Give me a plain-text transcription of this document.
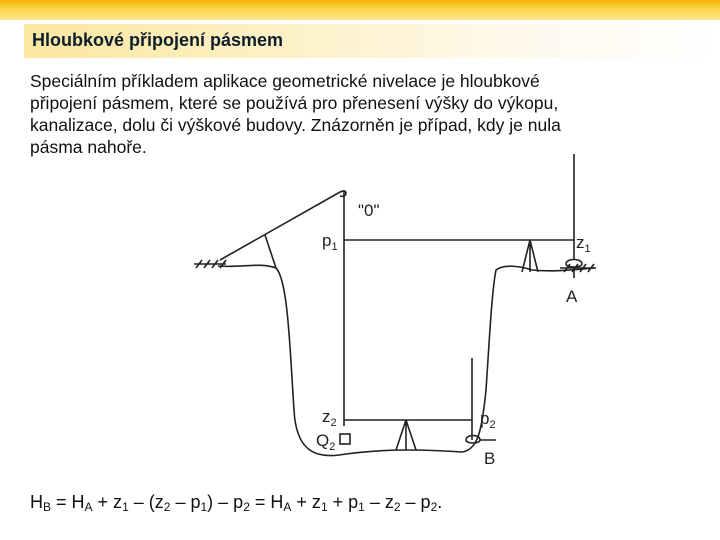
Hloubkové připojení pásmem
Speciálním příkladem aplikace geometrické nivelace je hloubkové
připojení pásmem, které se používá pro přenesení výšky do výkopu,
kanalizace, dolu či výškové budovy. Znázorněn je případ, kdy je nula
pásma nahoře.
"0"
$p_1$	$z_1$
A
$z_2$
$Q_2$
$p_2$
B
$H_B = H_A + z_1 - (z_2 - p_1) - p_2 = H_A + z_1 + p_1 - z_2 - p_2$.
